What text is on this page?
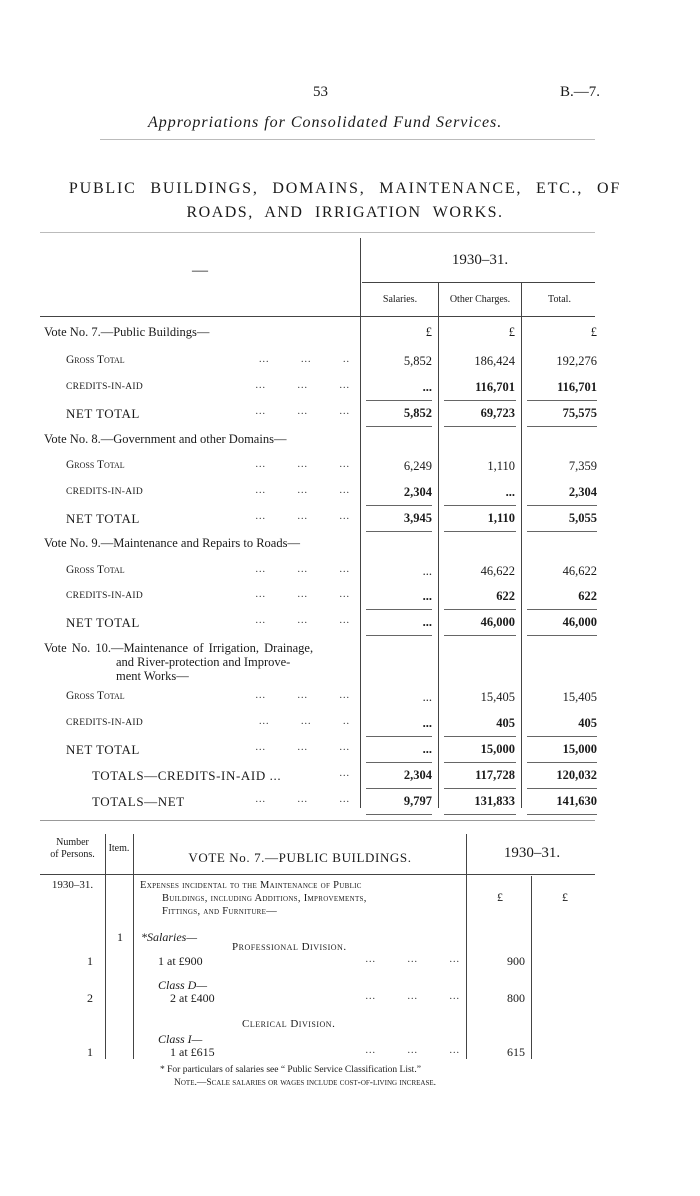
53	B.—7.
Appropriations for Consolidated Fund Services.
PUBLIC BUILDINGS, DOMAINS, MAINTENANCE, ETC., OF
ROADS, AND IRRIGATION WORKS.
—
1930–31.
Salaries.	Other Charges.	Total.
Vote No. 7.—Public Buildings—	£	£	£
Gross Total	... ... ..	5,852	186,424	192,276
CREDITS-IN-AID	... ... ...	...	116,701	116,701
NET TOTAL	... ... ...	5,852	69,723	75,575
Vote No. 8.—Government and other Domains—
Gross Total	... ... ...	6,249	1,110	7,359
CREDITS-IN-AID	... ... ...	2,304	...	2,304
NET TOTAL	... ... ...	3,945	1,110	5,055
Vote No. 9.—Maintenance and Repairs to Roads—
Gross Total	... ... ...	...	46,622	46,622
CREDITS-IN-AID	... ... ...	...	622	622
NET TOTAL	... ... ...	...	46,000	46,000
Vote No. 10.—Maintenance of Irrigation, Drainage,
and River-protection and Improve-
ment Works—
Gross Total	... ... ...	...	15,405	15,405
CREDITS-IN-AID	... ... ..	...	405	405
NET TOTAL	... ... ...	...	15,000	15,000
TOTALS—CREDITS-IN-AID ...	...	2,304	117,728	120,032
TOTALS—NET	... ... ...	9,797	131,833	141,630
Number
of Persons.
Item.
VOTE No. 7.—PUBLIC BUILDINGS.	1930–31.
1930–31.
£	£
Expenses incidental to the Maintenance of Public
Buildings, including Additions, Improvements,
Fittings, and Furniture—
1	*Salaries—
Professional Division.
1	1 at £900	... ... ...	900
Class D—
2	2 at £400	... ... ...	800
Clerical Division.
Class I—
1	1 at £615	... ... ...	615
* For particulars of salaries see “ Public Service Classification List.”
Note.—Scale salaries or wages include cost-of-living increase.
